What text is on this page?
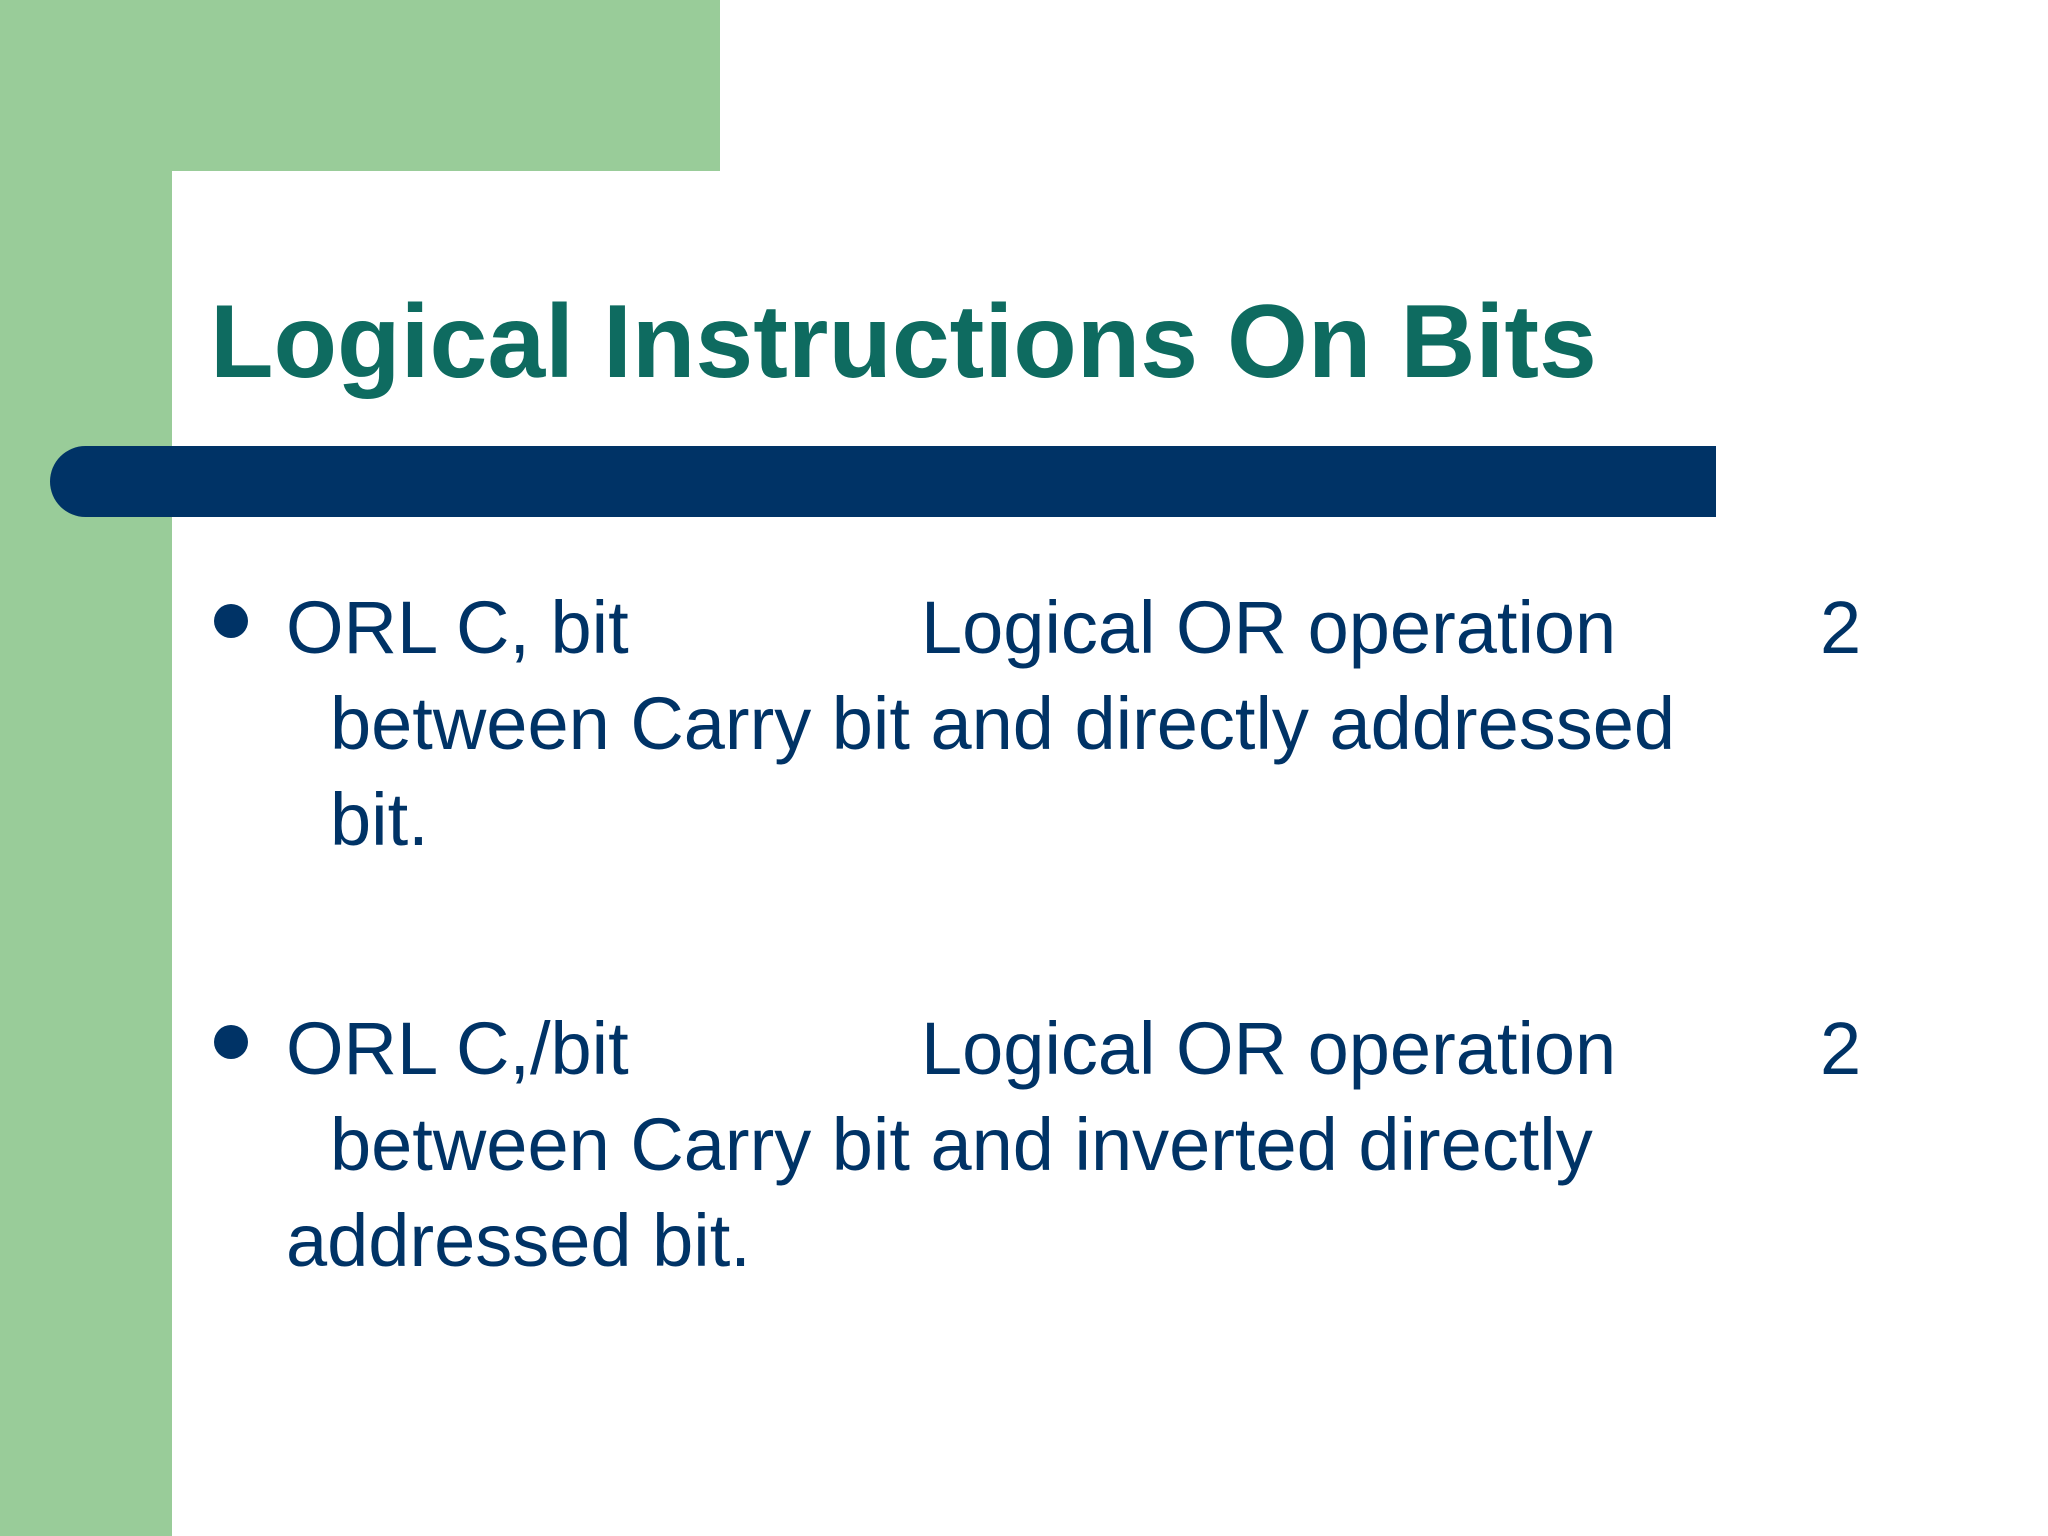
Logical Instructions On Bits
ORL C, bit	Logical OR operation	2
between Carry bit and directly addressed
bit.
ORL C,/bit	Logical OR operation	2
between Carry bit and inverted directly
addressed bit.
